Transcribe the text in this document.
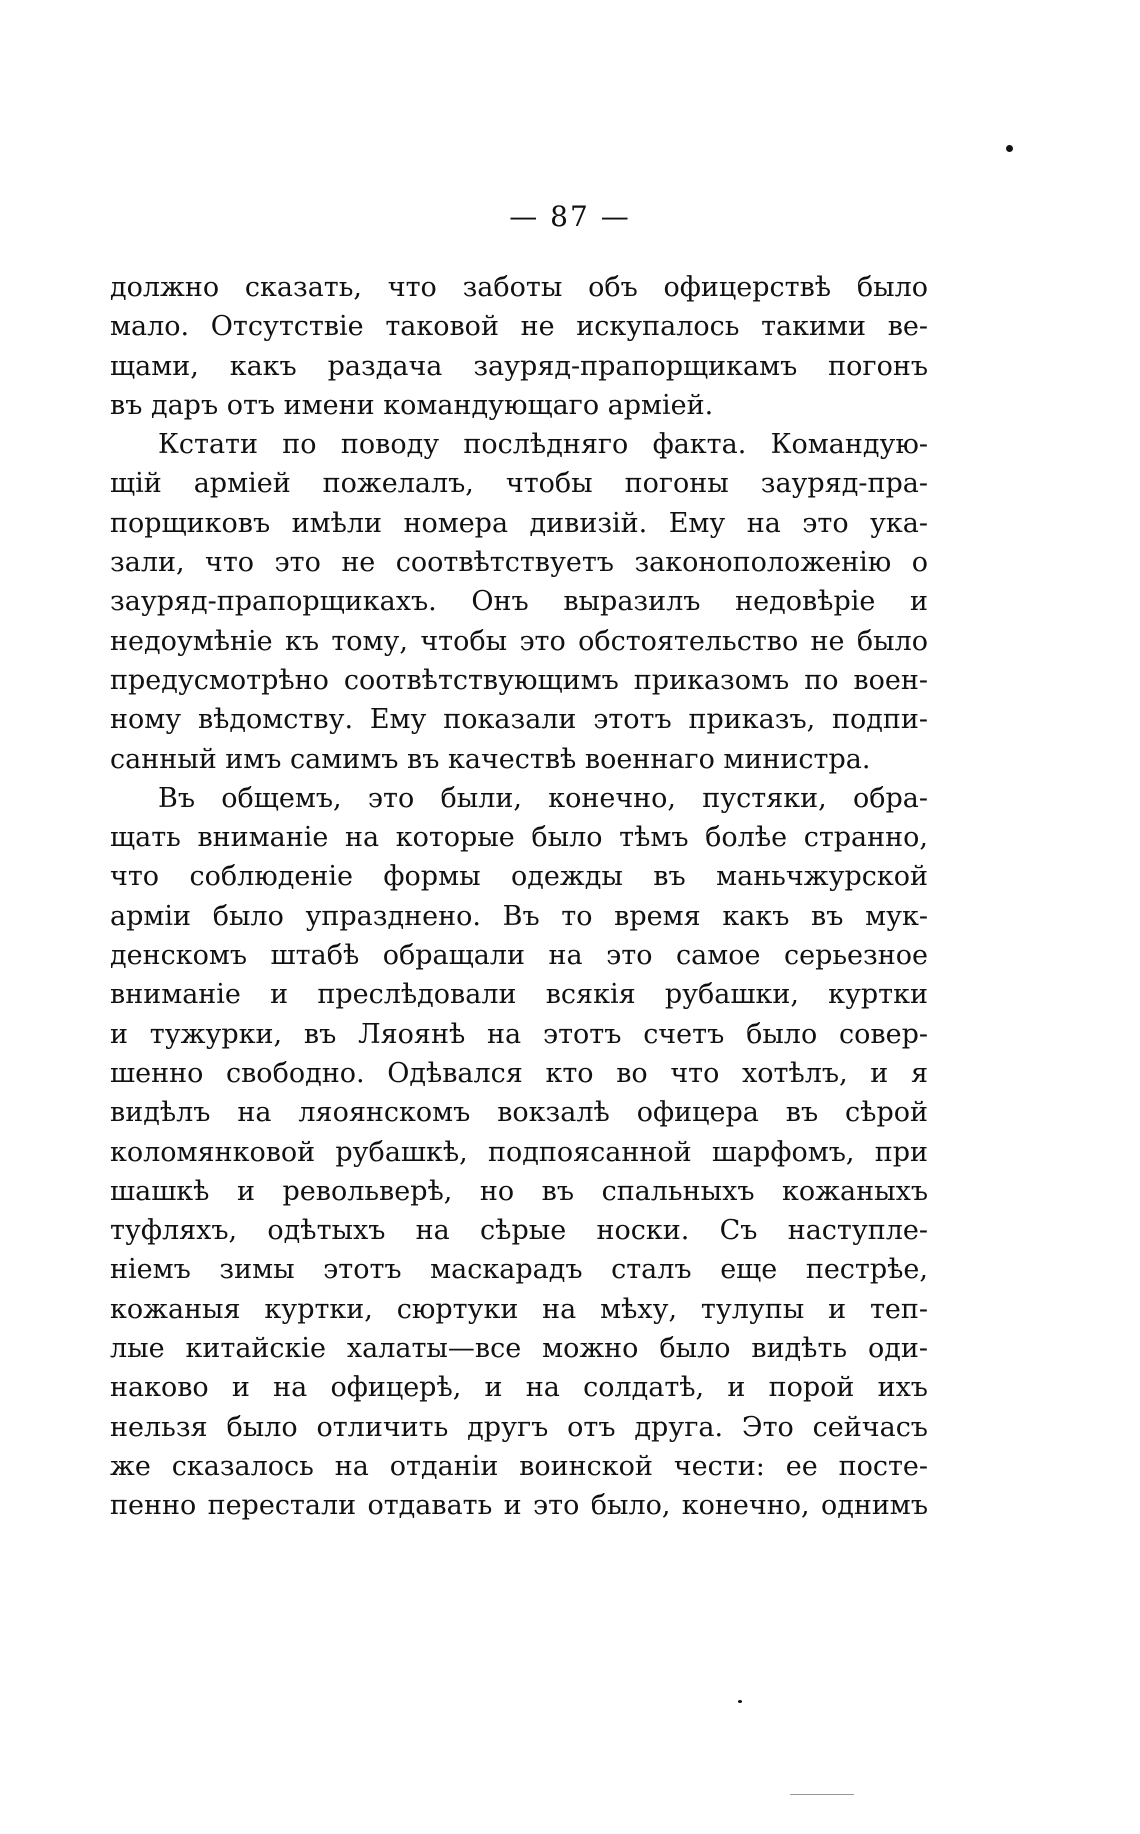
— 87 —
должно сказать, что заботы объ офицерствѣ было
мало. Отсутствіе таковой не искупалось такими ве-
щами, какъ раздача зауряд-прапорщикамъ погонъ
въ даръ отъ имени командующаго арміей.
Кстати по поводу послѣдняго факта. Командую-
щій арміей пожелалъ, чтобы погоны зауряд-пра-
порщиковъ имѣли номера дивизій. Ему на это ука-
зали, что это не соотвѣтствуетъ законоположенію о
зауряд-прапорщикахъ. Онъ выразилъ недовѣріе и
недоумѣніе къ тому, чтобы это обстоятельство не было
предусмотрѣно соотвѣтствующимъ приказомъ по воен-
ному вѣдомству. Ему показали этотъ приказъ, подпи-
санный имъ самимъ въ качествѣ военнаго министра.
Въ общемъ, это были, конечно, пустяки, обра-
щать вниманіе на которые было тѣмъ болѣе странно,
что соблюденіе формы одежды въ маньчжурской
арміи было упразднено. Въ то время какъ въ мук-
денскомъ штабѣ обращали на это самое серьезное
вниманіе и преслѣдовали всякія рубашки, куртки
и тужурки, въ Ляоянѣ на этотъ счетъ было совер-
шенно свободно. Одѣвался кто во что хотѣлъ, и я
видѣлъ на ляоянскомъ вокзалѣ офицера въ сѣрой
коломянковой рубашкѣ, подпоясанной шарфомъ, при
шашкѣ и револьверѣ, но въ спальныхъ кожаныхъ
туфляхъ, одѣтыхъ на сѣрые носки. Съ наступле-
ніемъ зимы этотъ маскарадъ сталъ еще пестрѣе,
кожаныя куртки, сюртуки на мѣху, тулупы и теп-
лые китайскіе халаты—все можно было видѣть оди-
наково и на офицерѣ, и на солдатѣ, и порой ихъ
нельзя было отличить другъ отъ друга. Это сейчасъ
же сказалось на отданіи воинской чести: ее посте-
пенно перестали отдавать и это было, конечно, однимъ
